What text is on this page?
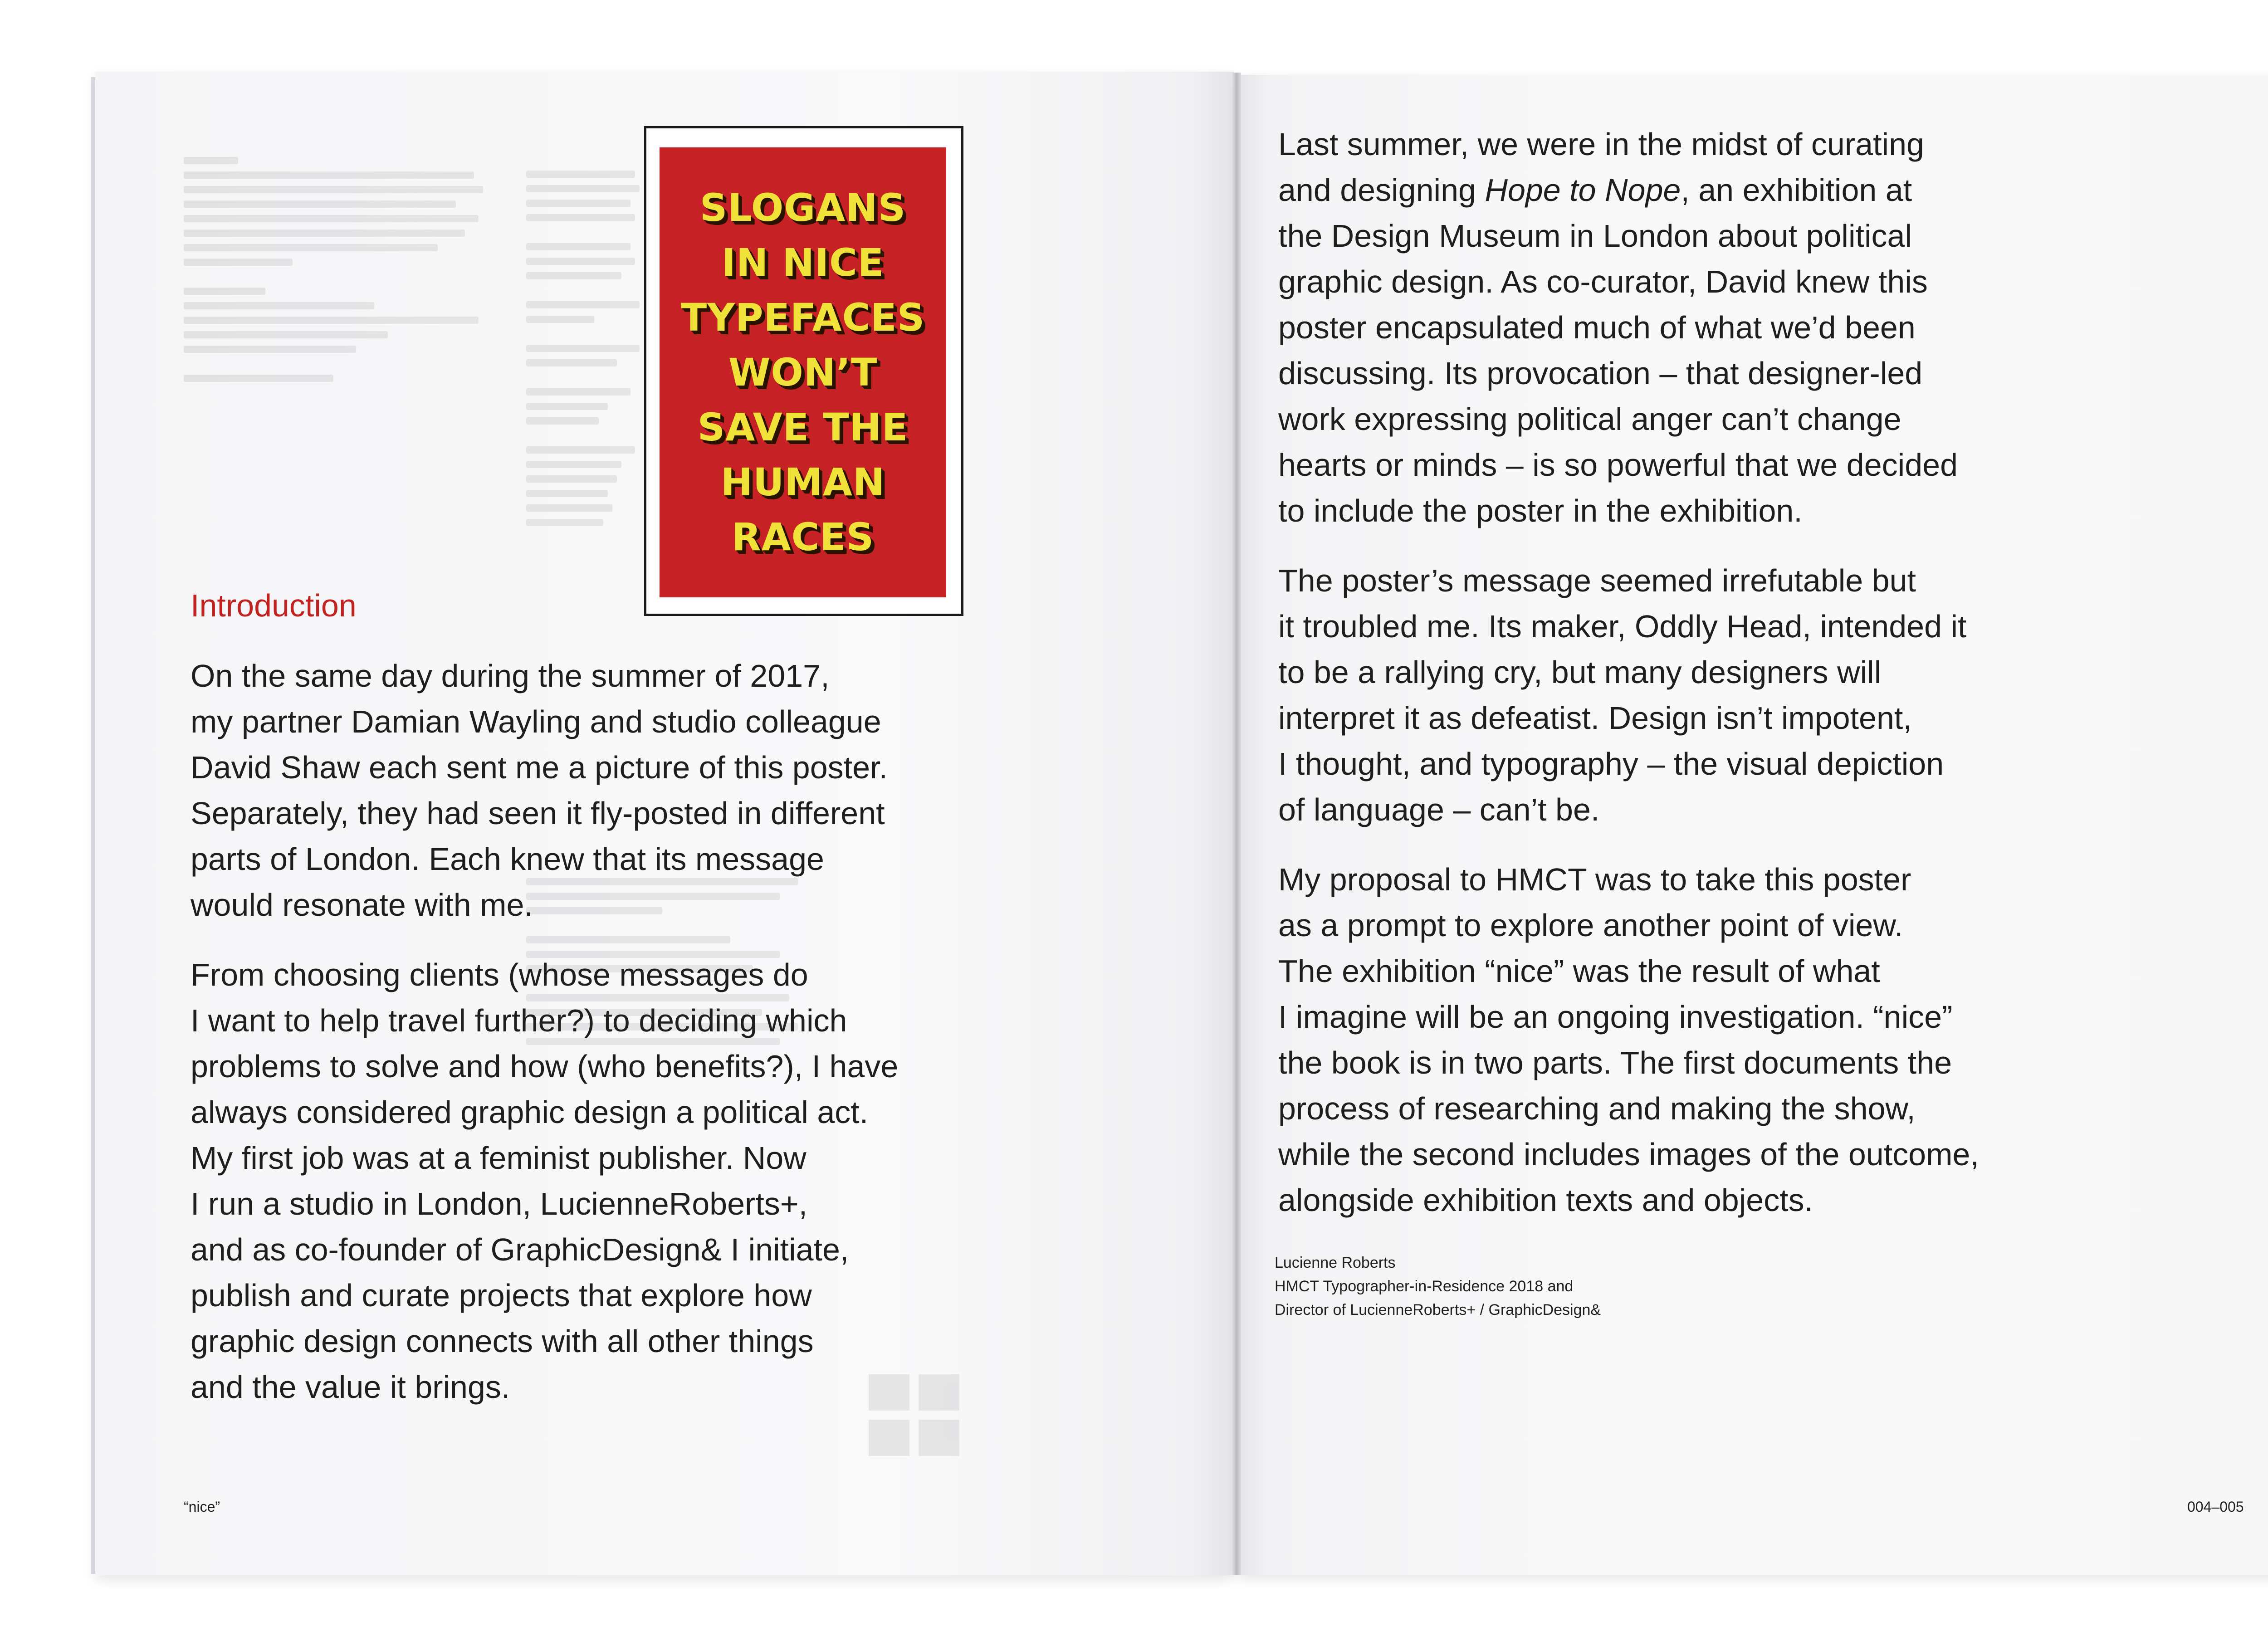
SLOGANS
IN NICE
TYPEFACES
WON’T
SAVE THE
HUMAN
RACES
Introduction

On the same day during the summer of 2017,
my partner Damian Wayling and studio colleague
David Shaw each sent me a picture of this poster.
Separately, they had seen it fly-posted in different
parts of London. Each knew that its message
would resonate with me.

From choosing clients (whose messages do
I want to help travel further?) to deciding which
problems to solve and how (who benefits?), I have
always considered graphic design a political act.
My first job was at a feminist publisher. Now
I run a studio in London, LucienneRoberts+,
and as co-founder of GraphicDesign& I initiate,
publish and curate projects that explore how
graphic design connects with all other things
and the value it brings.

“nice”

Last summer, we were in the midst of curating
and designing Hope to Nope, an exhibition at
the Design Museum in London about political
graphic design. As co-curator, David knew this
poster encapsulated much of what we’d been
discussing. Its provocation – that designer-led
work expressing political anger can’t change
hearts or minds – is so powerful that we decided
to include the poster in the exhibition.

The poster’s message seemed irrefutable but
it troubled me. Its maker, Oddly Head, intended it
to be a rallying cry, but many designers will
interpret it as defeatist. Design isn’t impotent,
I thought, and typography – the visual depiction
of language – can’t be.

My proposal to HMCT was to take this poster
as a prompt to explore another point of view.
The exhibition “nice” was the result of what
I imagine will be an ongoing investigation. “nice”
the book is in two parts. The first documents the
process of researching and making the show,
while the second includes images of the outcome,
alongside exhibition texts and objects.

Lucienne Roberts
HMCT Typographer-in-Residence 2018 and
Director of LucienneRoberts+ / GraphicDesign&
004–005
